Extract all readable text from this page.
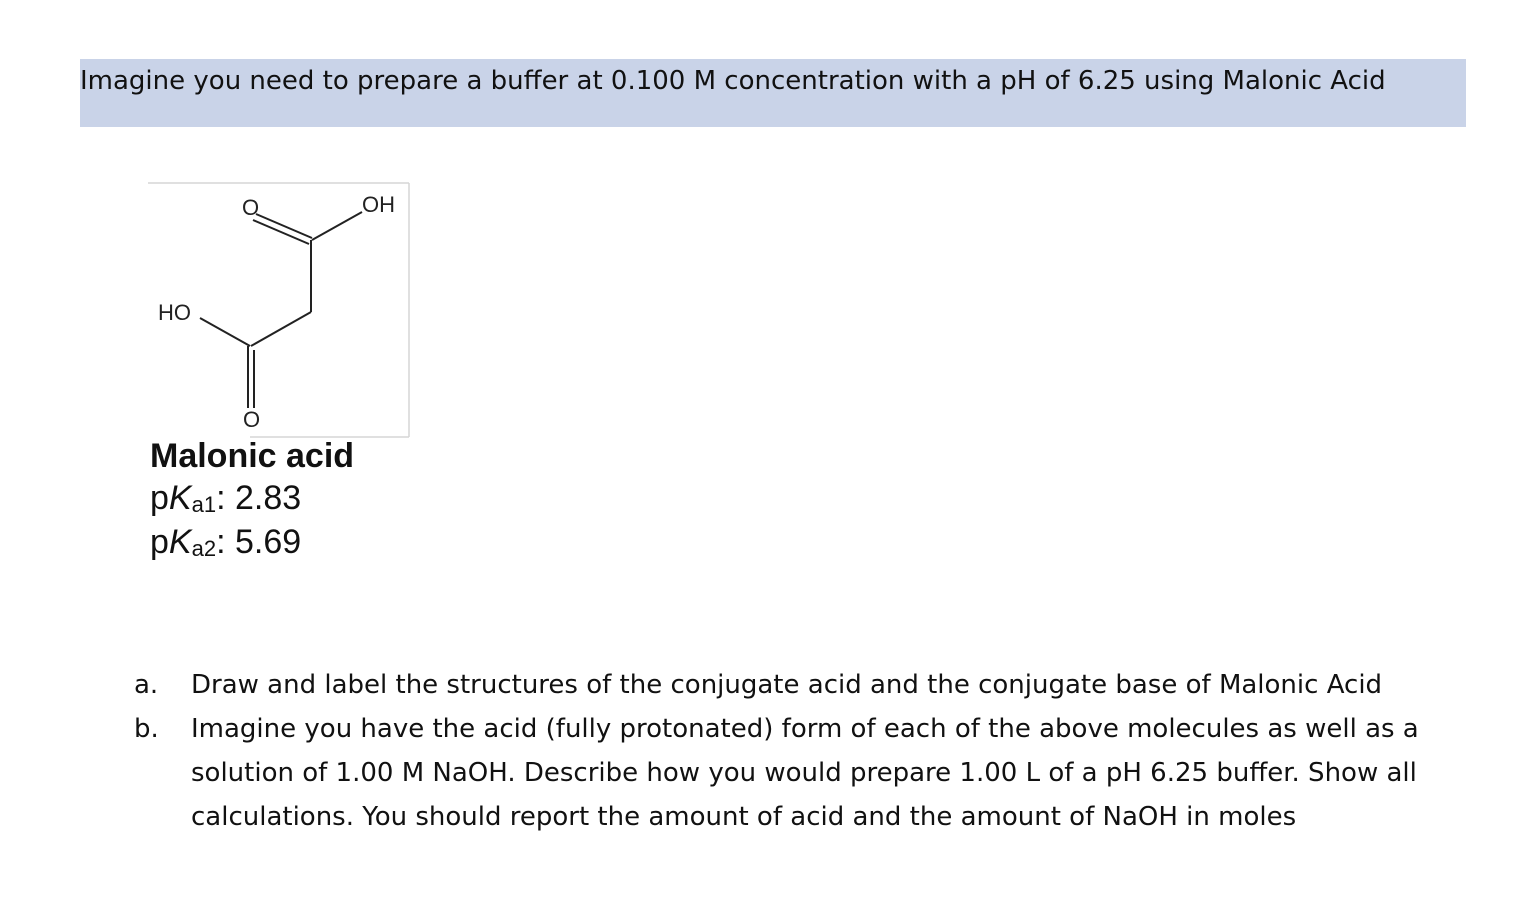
Imagine you need to prepare a buffer at 0.100 M concentration with a pH of 6.25 using Malonic Acid
O	OH
HO
O
Malonic acid
$pK_{a1}$: 2.83
$pK_{a2}$: 5.69
a. Draw and label the structures of the conjugate acid and the conjugate base of Malonic Acid
b. Imagine you have the acid (fully protonated) form of each of the above molecules as well as a
solution of 1.00 M NaOH. Describe how you would prepare 1.00 L of a pH 6.25 buffer. Show all
calculations. You should report the amount of acid and the amount of NaOH in moles
